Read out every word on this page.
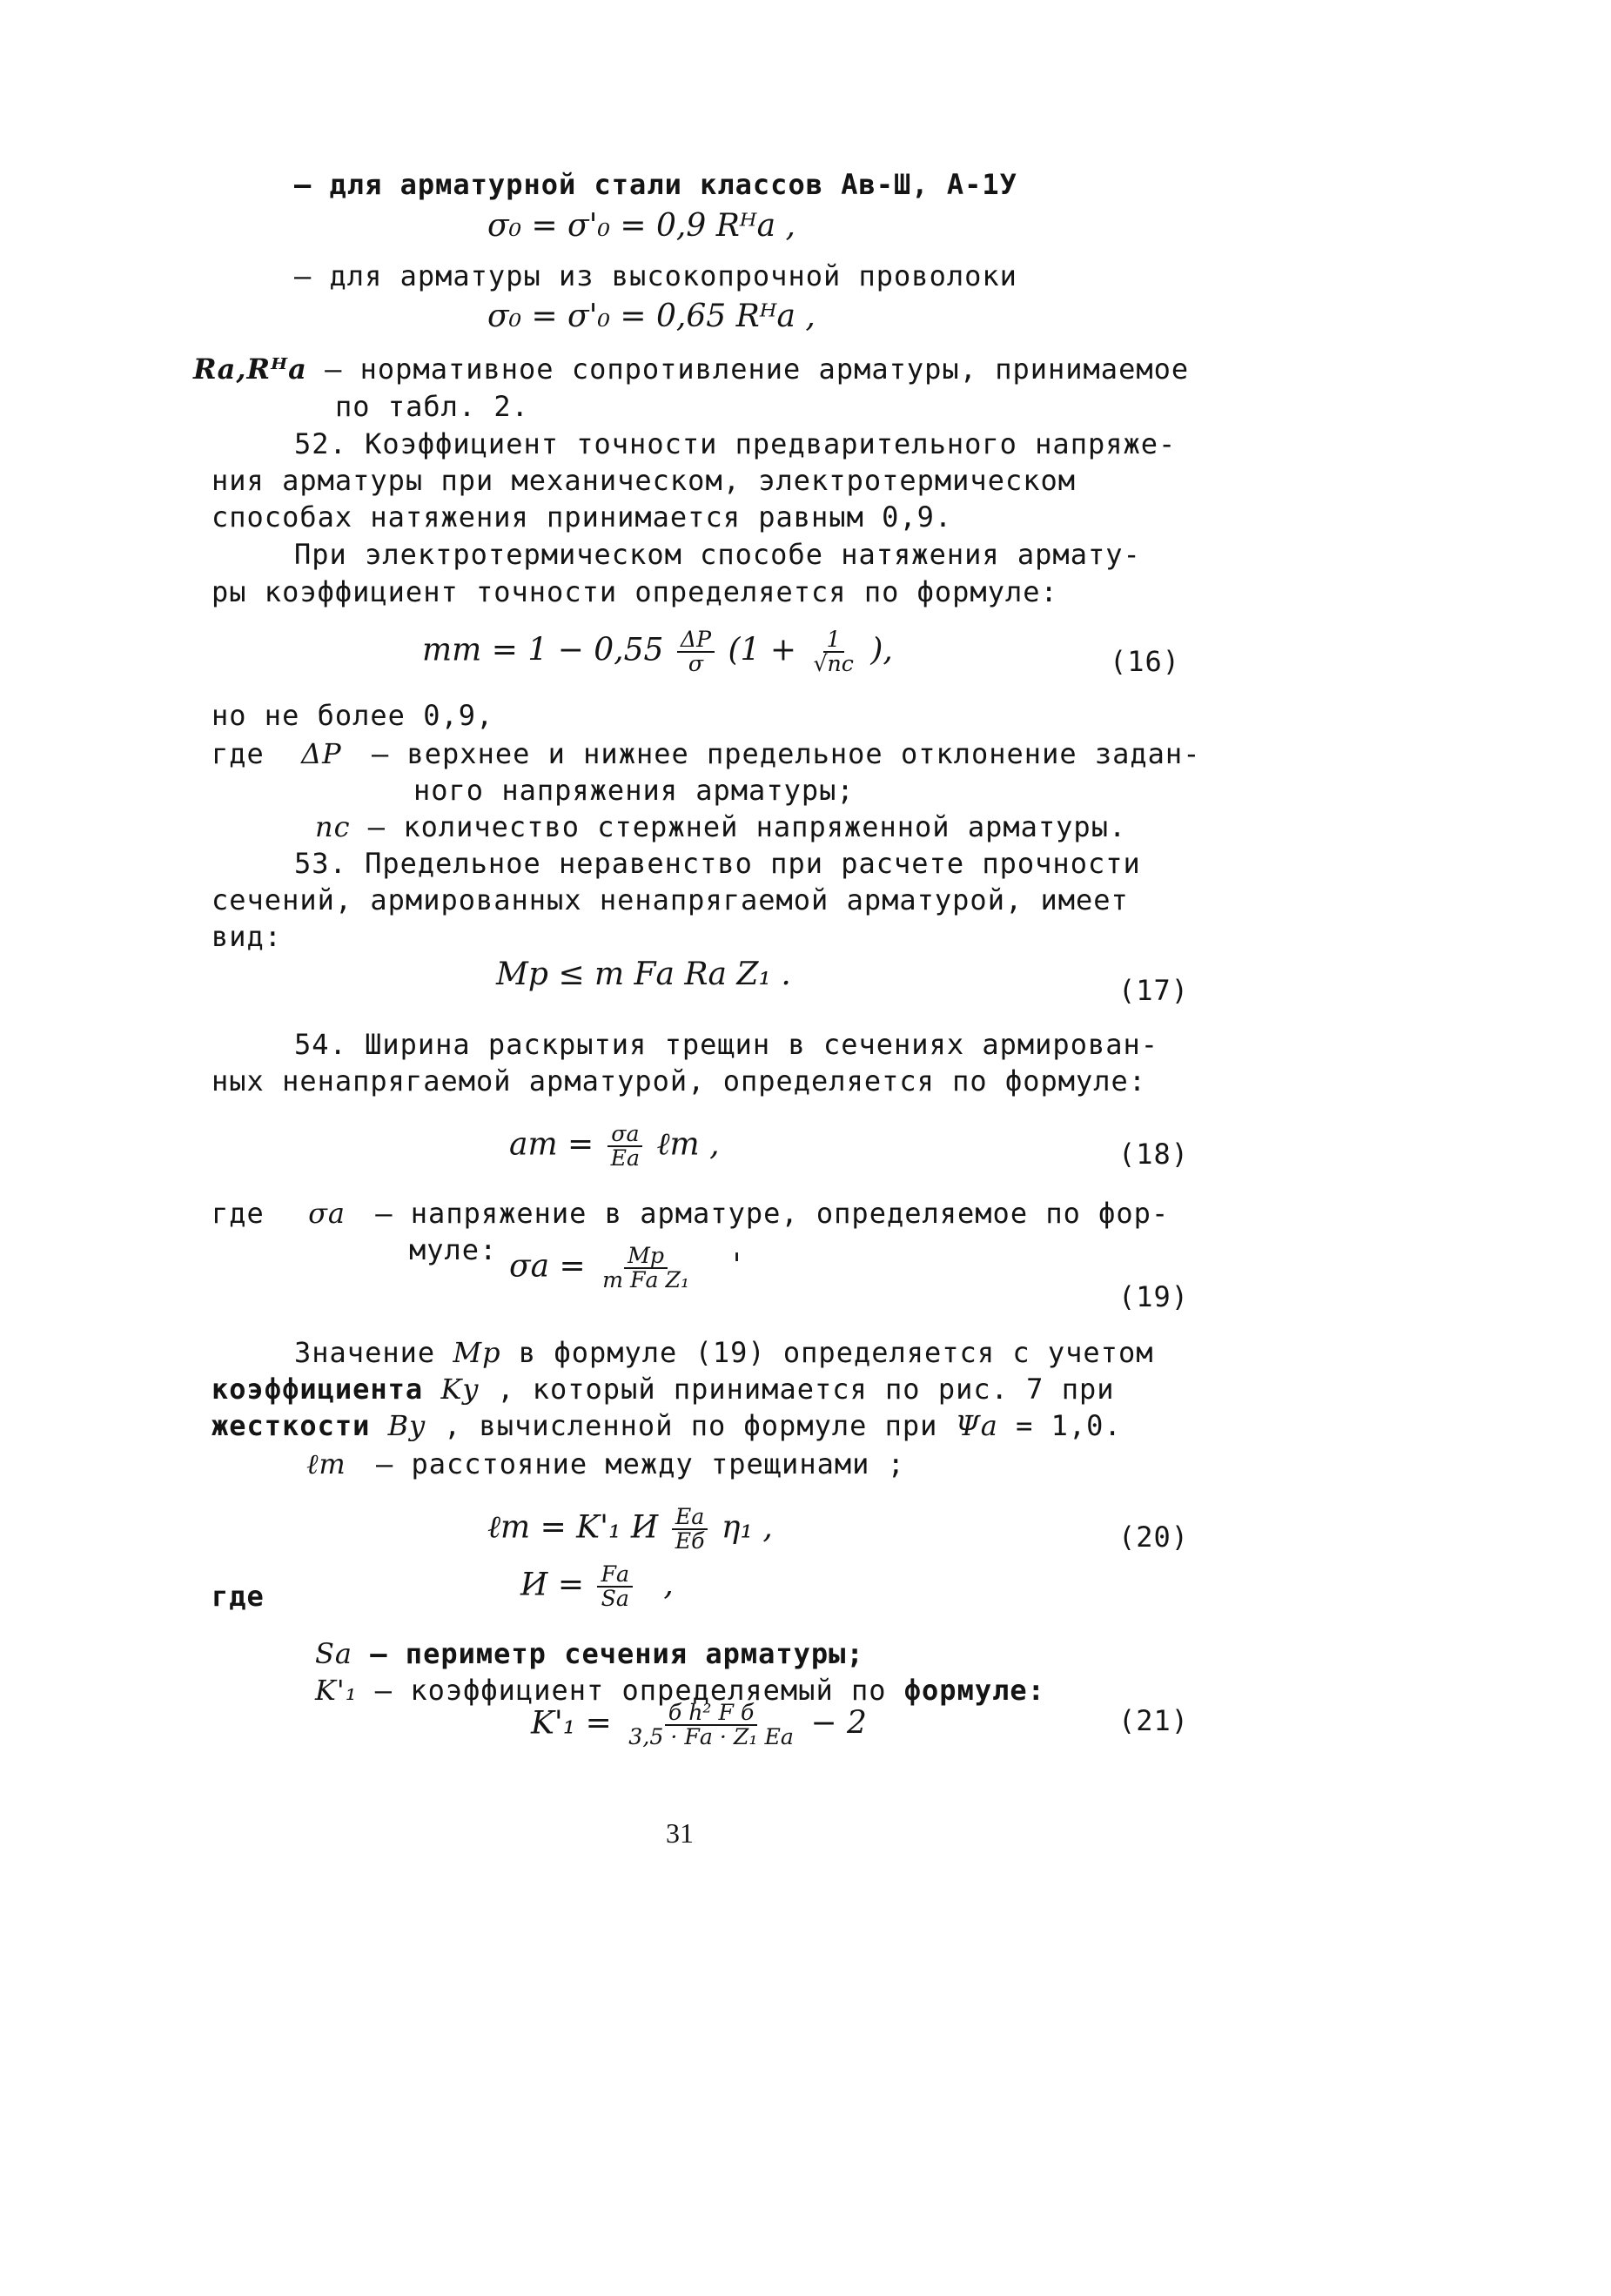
– для арматурной стали классов Aв-Ш, А-1У
σ₀ = σ'₀ = 0,9 Rᴴа ,
– для арматуры из высокопрочной проволоки
σ₀ = σ'₀ = 0,65 Rᴴа ,
Rа,Rᴴа – нормативное сопротивление арматуры, принимаемое
по табл. 2.
52. Коэффициент точности предварительного напряже-
ния арматуры при механическом, электротермическом
способах натяжения принимается равным 0,9.
При электротермическом способе натяжения армату-
ры коэффициент точности определяется по формуле:
mт = $1 - 0,55 \frac{\Delta P}{\sigma} (1 + \frac{1}{√nс}$ ),	(16)
но не более 0,9,
где ΔP – верхнее и нижнее предельное отклонение задан-
ного напряжения арматуры;
nс – количество стержней напряженной арматуры.
53. Предельное неравенство при расчете прочности
сечений, армированных ненапрягаемой арматурой, имеет
вид:
Mр ≤ m Fа Rа Z₁ .	(17)
54. Ширина раскрытия трещин в сечениях армирован-
ных ненапрягаемой арматурой, определяется по формуле:
aт = $\frac{\sigma а}{Eа}$ ℓт ,	(18)
где σа – напряжение в арматуре, определяемое по фор-
муле: $\sigma а = \frac{Mр}{\text{m Fа Z₁}}$ '
(19)
Значение Mр в формуле (19) определяется с учетом
коэффициента Kу , который принимается по рис. 7 при
жесткости Bу , вычисленной по формуле при Ψа = 1,0.
ℓт – расстояние между трещинами ;
ℓт = K'₁ И $\frac{Eа}{Eб} \eta_1$ ,	(20)
где	$И = \frac{Fа}{Sа}$ ,
Sа – периметр сечения арматуры;
K'₁ – коэффициент определяемый по формуле:
$K'_1 = \frac{\text{б h² F б}}{\text{3,5 · Fа · Z₁ Eа}} - 2$	(21)
31
